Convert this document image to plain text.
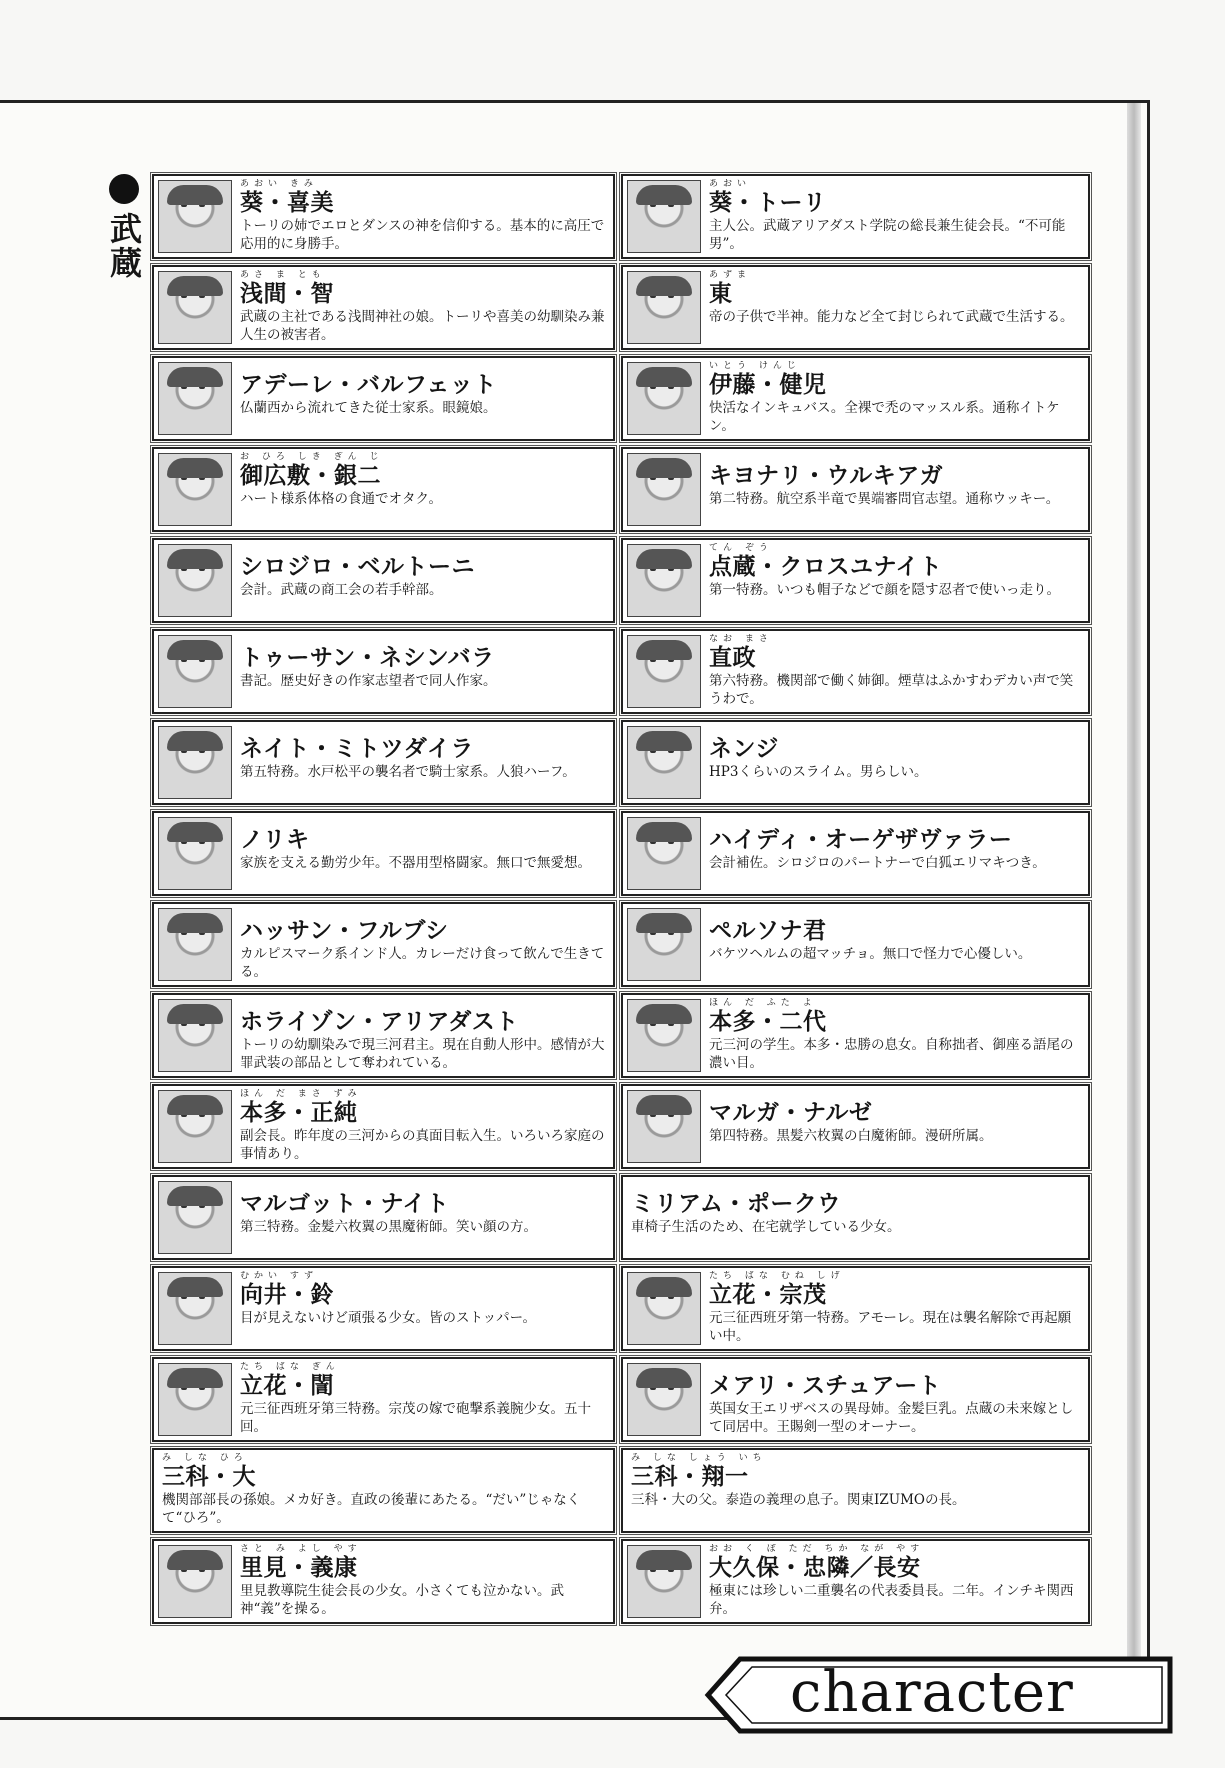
武蔵
あおい きみ
葵・喜美
トーリの姉でエロとダンスの神を信仰する。基本的に高圧で応用的に身勝手。
あおい
葵・トーリ
主人公。武蔵アリアダスト学院の総長兼生徒会長。“不可能男”。
あさ ま とも
浅間・智
武蔵の主社である浅間神社の娘。トーリや喜美の幼馴染み兼人生の被害者。
あずま
東
帝の子供で半神。能力など全て封じられて武蔵で生活する。
アデーレ・バルフェット
仏蘭西から流れてきた従士家系。眼鏡娘。
いとう けんじ
伊藤・健児
快活なインキュバス。全裸で禿のマッスル系。通称イトケン。
お ひろ しき ぎん じ
御広敷・銀二
ハート様系体格の食通でオタク。
キヨナリ・ウルキアガ
第二特務。航空系半竜で異端審問官志望。通称ウッキー。
シロジロ・ベルトーニ
会計。武蔵の商工会の若手幹部。
てん ぞう
点蔵・クロスユナイト
第一特務。いつも帽子などで顔を隠す忍者で使いっ走り。
トゥーサン・ネシンバラ
書記。歴史好きの作家志望者で同人作家。
なお まさ
直政
第六特務。機関部で働く姉御。煙草はふかすわデカい声で笑うわで。
ネイト・ミトツダイラ
第五特務。水戸松平の襲名者で騎士家系。人狼ハーフ。
ネンジ
HP3くらいのスライム。男らしい。
ノリキ
家族を支える勤労少年。不器用型格闘家。無口で無愛想。
ハイディ・オーゲザヴァラー
会計補佐。シロジロのパートナーで白狐エリマキつき。
ハッサン・フルブシ
カルピスマーク系インド人。カレーだけ食って飲んで生きてる。
ペルソナ君
バケツヘルムの超マッチョ。無口で怪力で心優しい。
ホライゾン・アリアダスト
トーリの幼馴染みで現三河君主。現在自動人形中。感情が大罪武装の部品として奪われている。
ほん だ ふた よ
本多・二代
元三河の学生。本多・忠勝の息女。自称拙者、御座る語尾の濃い目。
ほん だ まさ ずみ
本多・正純
副会長。昨年度の三河からの真面目転入生。いろいろ家庭の事情あり。
マルガ・ナルゼ
第四特務。黒髪六枚翼の白魔術師。漫研所属。
マルゴット・ナイト
第三特務。金髪六枚翼の黒魔術師。笑い顔の方。
ミリアム・ポークウ
車椅子生活のため、在宅就学している少女。
むかい すず
向井・鈴
目が見えないけど頑張る少女。皆のストッパー。
たち ばな むね しげ
立花・宗茂
元三征西班牙第一特務。アモーレ。現在は襲名解除で再起願い中。
たち ばな ぎん
立花・誾
元三征西班牙第三特務。宗茂の嫁で砲撃系義腕少女。五十回。
メアリ・スチュアート
英国女王エリザベスの異母姉。金髪巨乳。点蔵の未来嫁として同居中。王賜剣一型のオーナー。
み しな ひろ
三科・大
機関部部長の孫娘。メカ好き。直政の後輩にあたる。“だい”じゃなくて“ひろ”。
み しな しょう いち
三科・翔一
三科・大の父。泰造の義理の息子。関東IZUMOの長。
さと み よし やす
里見・義康
里見教導院生徒会長の少女。小さくても泣かない。武神“義”を操る。
おお く ぼ ただ ちか なが やす
大久保・忠隣／長安
極東には珍しい二重襲名の代表委員長。二年。インチキ関西弁。
character
